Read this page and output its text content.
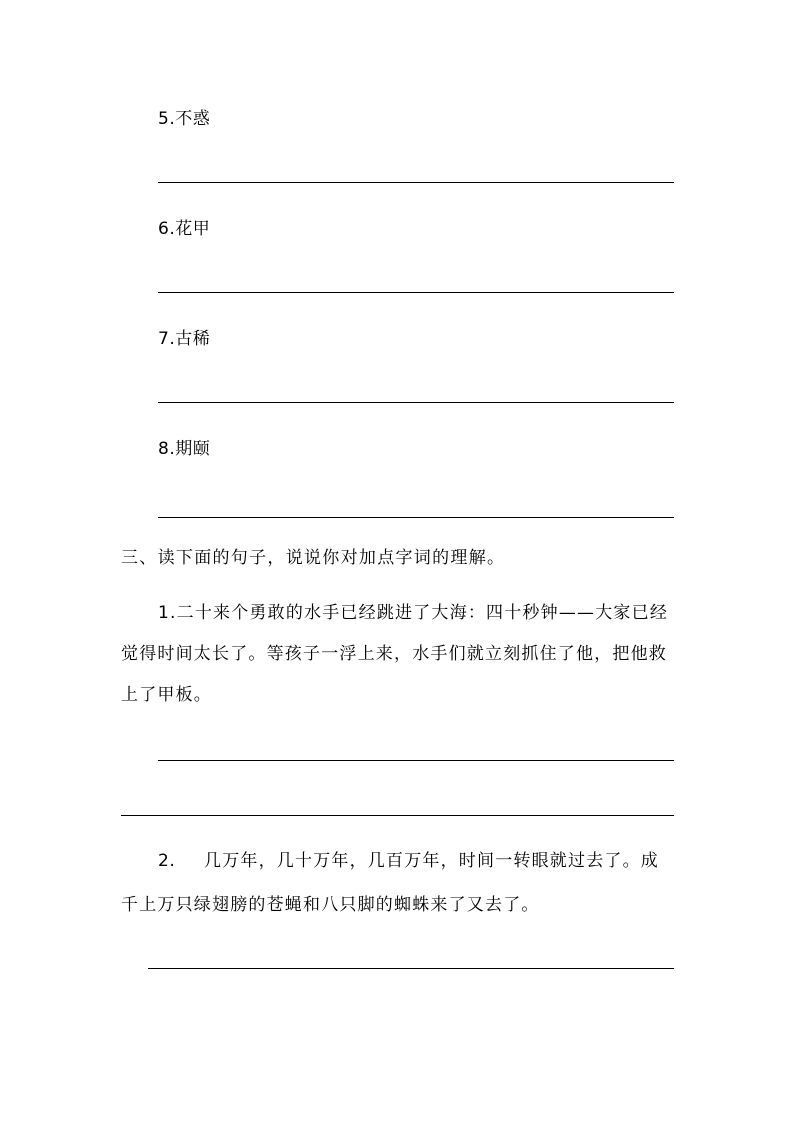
5.不惑
6.花甲
7.古稀
8.期颐
三、读下面的句子，说说你对加点字词的理解。
1.二十来个勇敢的水手已经跳进了大海：四十秒钟——大家已经觉得时间太长了。等孩子一浮上来，水手们就立刻抓住了他，把他救上了甲板。
2. 几万年，几十万年，几百万年，时间一转眼就过去了。成
千上万只绿翅膀的苍蝇和八只脚的蜘蛛来了又去了。
